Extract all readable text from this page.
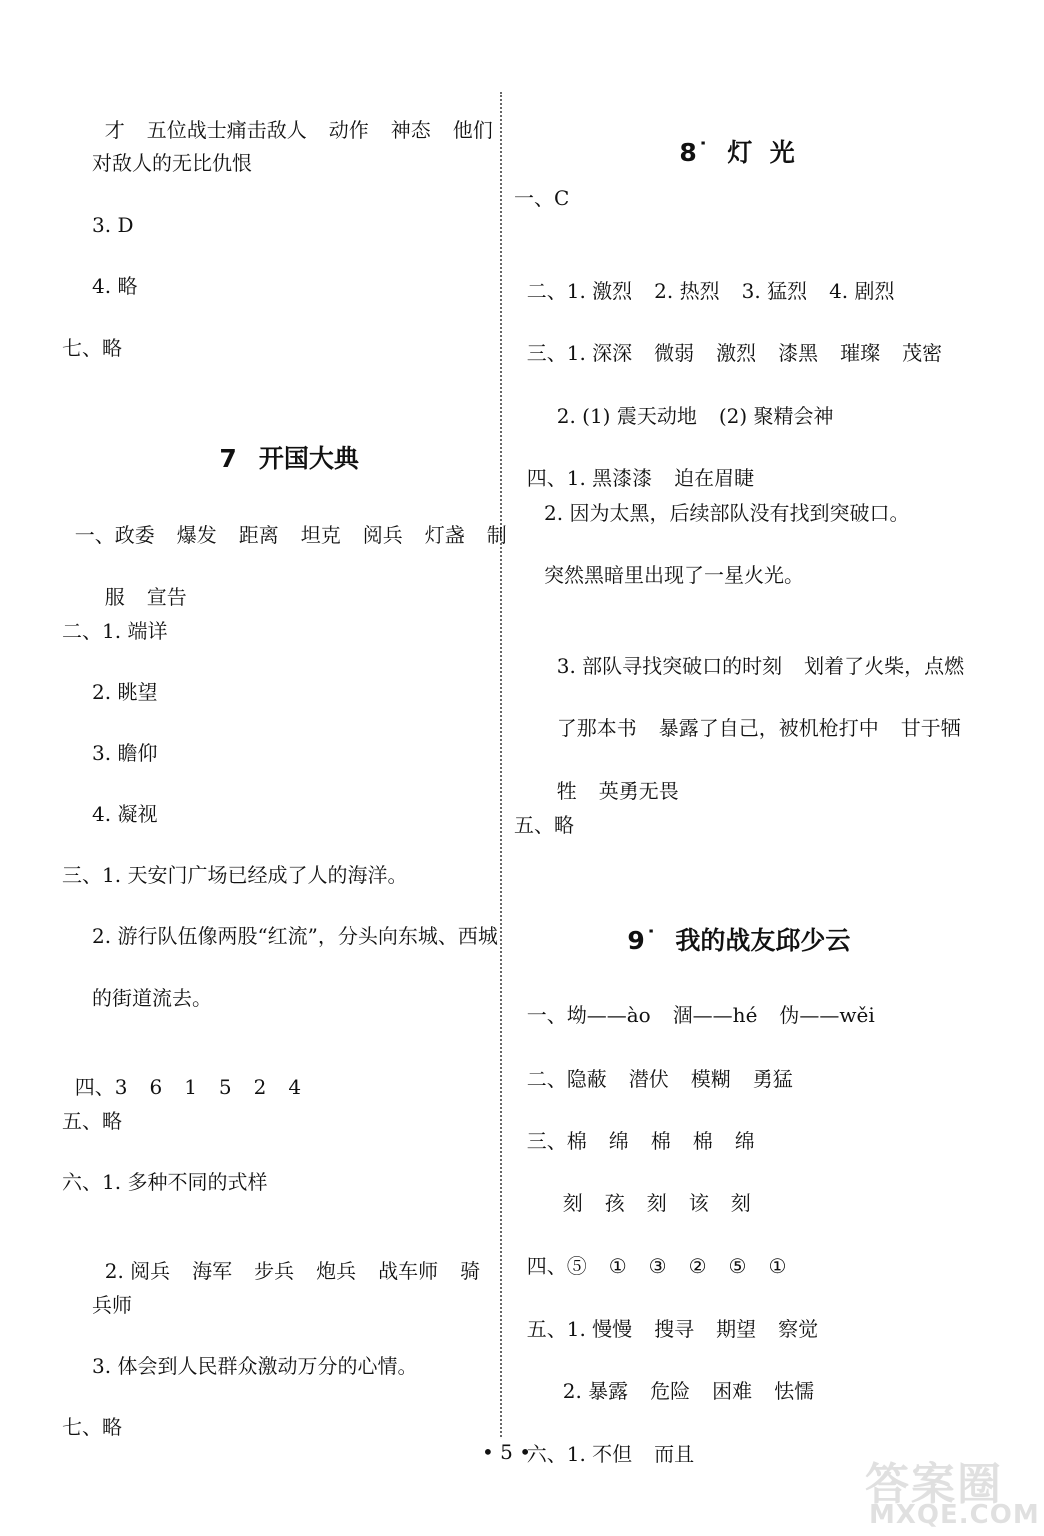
才 五位战士痛击敌人 动作 神态 他们

对敌人的无比仇恨
3. D
4. 略
七、略

7 开国大典

一、政委 爆发 距离 坦克 阅兵 灯盏 制

服 宣告

二、1. 端详
2. 眺望
3. 瞻仰
4. 凝视
三、1. 天安门广场已经成了人的海洋。
2. 游行队伍像两股“红流”，分头向东城、西城
的街道流去。

四、3 6 1 5 2 4

五、略
六、1. 多种不同的式样

2. 阅兵 海军 步兵 炮兵 战车师 骑

兵师
3. 体会到人民群众激动万分的心情。
七、略

8˙ 灯  光

一、C

二、1. 激烈 2. 热烈 3. 猛烈 4. 剧烈

三、1. 深深 微弱 激烈 漆黑 璀璨 茂密

2. (1) 震天动地 (2) 聚精会神

四、1. 黑漆漆 迫在眉睫

2. 因为太黑，后续部队没有找到突破口。
突然黑暗里出现了一星火光。

3. 部队寻找突破口的时刻 划着了火柴，点燃

了那本书 暴露了自己，被机枪打中 甘于牺

牲 英勇无畏

五、略

9˙ 我的战友邱少云

一、坳——ào 涸——hé 伪——wěi

二、隐蔽 潜伏 模糊 勇猛

三、棉 绵 棉 棉 绵

刻 孩 刻 该 刻

四、⑤ ① ③ ② ⑤ ①

五、1. 慢慢 搜寻 期望 察觉

2. 暴露 危险 困难 怯懦

六、1. 不但 而且

• 5 •
答案圈
MXQE.COM
